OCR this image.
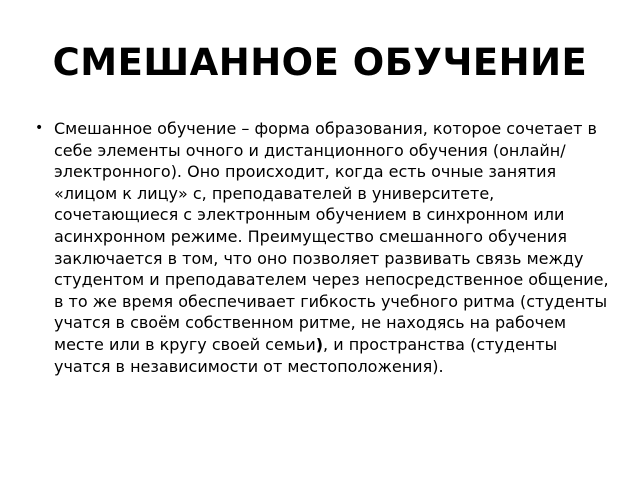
СМЕШАННОЕ ОБУЧЕНИЕ
• Смешанное обучение – форма образования, которое сочетает в себе элементы очного и дистанционного обучения (онлайн/ электронного). Оно происходит, когда есть очные занятия «лицом к лицу» с, преподавателей в университете, сочетающиеся с электронным обучением в синхронном или асинхронном режиме. Преимущество смешанного обучения заключается в том, что оно позволяет развивать связь между студентом и преподавателем через непосредственное общение, в то же время обеспечивает гибкость учебного ритма (студенты учатся в своём собственном ритме, не находясь на рабочем месте или в кругу своей семьи), и пространства (студенты учатся в независимости от местоположения).
